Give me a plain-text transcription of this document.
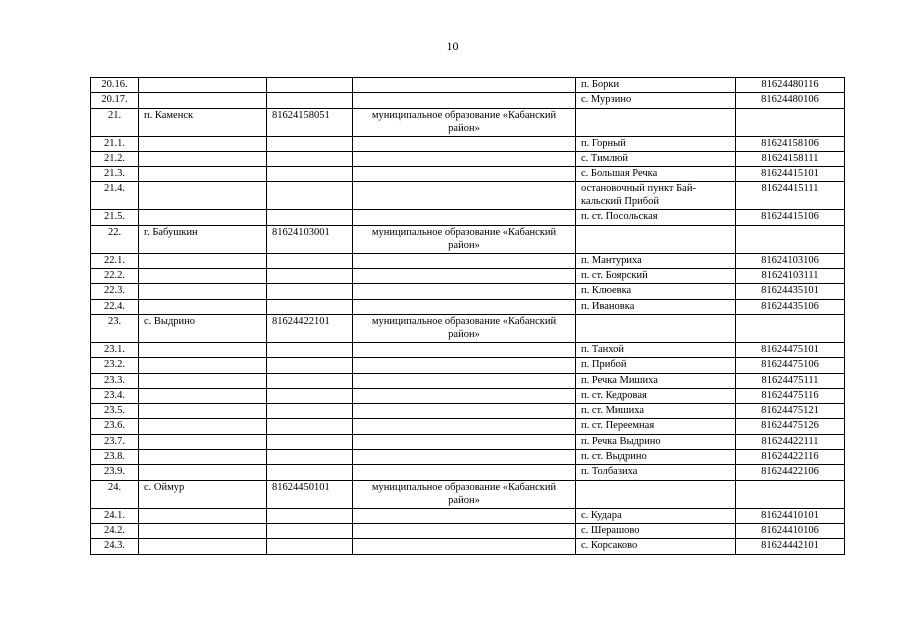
10
20.16.				п. Борки	81624480116
20.17.				с. Мурзино	81624480106
21.	п. Каменск	81624158051	муниципальное образование «Кабанский район»		
21.1.				п. Горный	81624158106
21.2.				с. Тимлюй	81624158111
21.3.				с. Большая Речка	81624415101
21.4.				остановочный пункт Бай-кальский Прибой	81624415111
21.5.				п. ст. Посольская	81624415106
22.	г. Бабушкин	81624103001	муниципальное образование «Кабанский район»		
22.1.				п. Мантуриха	81624103106
22.2.				п. ст. Боярский	81624103111
22.3.				п. Клюевка	81624435101
22.4.				п. Ивановка	81624435106
23.	с. Выдрино	81624422101	муниципальное образование «Кабанский район»		
23.1.				п. Танхой	81624475101
23.2.				п. Прибой	81624475106
23.3.				п. Речка Мишиха	81624475111
23.4.				п. ст. Кедровая	81624475116
23.5.				п. ст. Мишиха	81624475121
23.6.				п. ст. Переемная	81624475126
23.7.				п. Речка Выдрино	81624422111
23.8.				п. ст. Выдрино	81624422116
23.9.				п. Толбазиха	81624422106
24.	с. Оймур	81624450101	муниципальное образование «Кабанский район»		
24.1.				с. Кудара	81624410101
24.2.				с. Шерашово	81624410106
24.3.				с. Корсаково	81624442101
